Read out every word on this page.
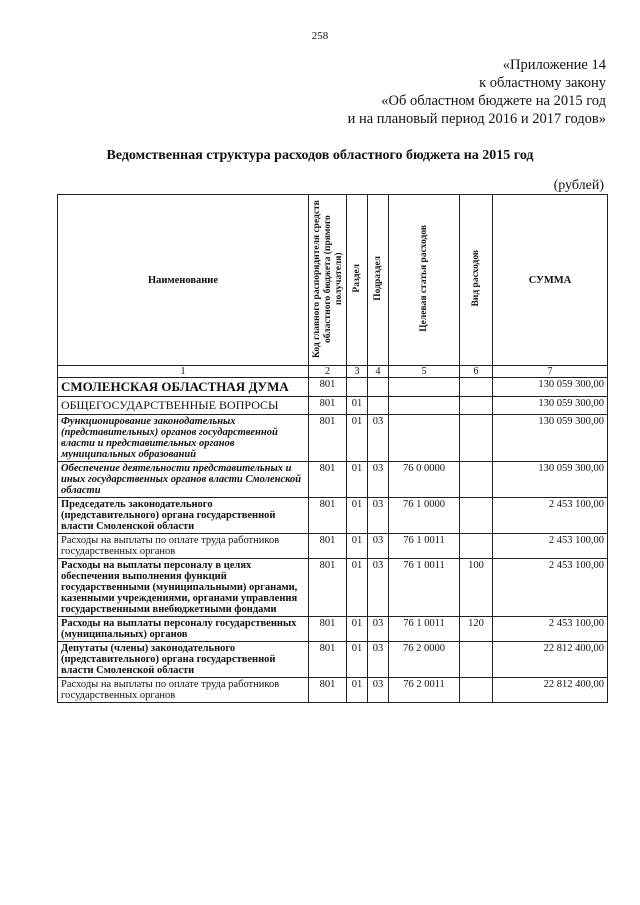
258
«Приложение 14
к областному закону
«Об областном бюджете на 2015 год
и на плановый период 2016 и 2017 годов»
Ведомственная структура расходов областного бюджета на 2015 год
(рублей)
Наименование	Код главного распорядителя средств областного бюджета (прямого получателя)	Раздел	Подраздел	Целевая статья расходов	Вид расходов	СУММА
1	2	3	4	5	6	7
СМОЛЕНСКАЯ ОБЛАСТНАЯ ДУМА	801					130 059 300,00
ОБЩЕГОСУДАРСТВЕННЫЕ ВОПРОСЫ	801	01				130 059 300,00
Функционирование законодательных (представительных) органов государственной власти и представительных органов муниципальных образований	801	01	03			130 059 300,00
Обеспечение деятельности представительных и иных государственных органов власти Смоленской области	801	01	03	76 0 0000		130 059 300,00
Председатель законодательного (представительного) органа государственной власти Смоленской области	801	01	03	76 1 0000		2 453 100,00
Расходы на выплаты по оплате труда работников государственных органов	801	01	03	76 1 0011		2 453 100,00
Расходы на выплаты персоналу в целях обеспечения выполнения функций государственными (муниципальными) органами, казенными учреждениями, органами управления государственными внебюджетными фондами	801	01	03	76 1 0011	100	2 453 100,00
Расходы на выплаты персоналу государственных (муниципальных) органов	801	01	03	76 1 0011	120	2 453 100,00
Депутаты (члены) законодательного (представительного) органа государственной власти Смоленской области	801	01	03	76 2 0000		22 812 400,00
Расходы на выплаты по оплате труда работников государственных органов	801	01	03	76 2 0011		22 812 400,00
